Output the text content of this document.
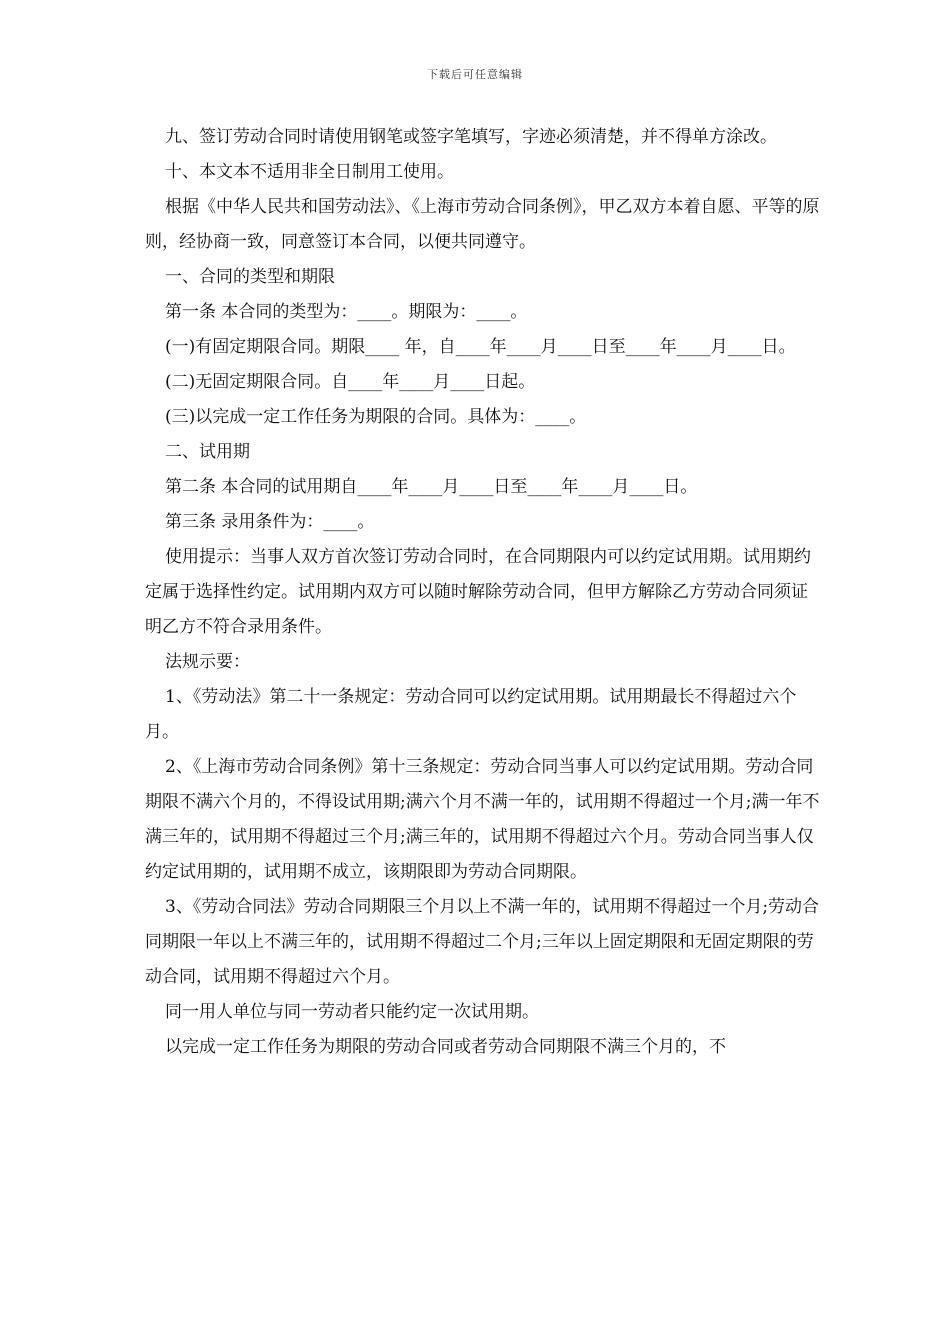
下载后可任意编辑

九、签订劳动合同时请使用钢笔或签字笔填写，字迹必须清楚，并不得单方涂改。

十、本文本不适用非全日制用工使用。

根据《中华人民共和国劳动法》、《上海市劳动合同条例》，甲乙双方本着自愿、平等的原则，经协商一致，同意签订本合同，以便共同遵守。

一、合同的类型和期限

第一条 本合同的类型为：____。期限为：____。

(一)有固定期限合同。期限____ 年，自____年____月____日至____年____月____日。

(二)无固定期限合同。自____年____月____日起。

(三)以完成一定工作任务为期限的合同。具体为：____。

二、试用期

第二条 本合同的试用期自____年____月____日至____年____月____日。

第三条 录用条件为：____。

使用提示：当事人双方首次签订劳动合同时，在合同期限内可以约定试用期。试用期约定属于选择性约定。试用期内双方可以随时解除劳动合同，但甲方解除乙方劳动合同须证明乙方不符合录用条件。

法规示要：

1、《劳动法》第二十一条规定：劳动合同可以约定试用期。试用期最长不得超过六个月。

2、《上海市劳动合同条例》第十三条规定：劳动合同当事人可以约定试用期。劳动合同期限不满六个月的，不得设试用期;满六个月不满一年的，试用期不得超过一个月;满一年不满三年的，试用期不得超过三个月;满三年的，试用期不得超过六个月。劳动合同当事人仅约定试用期的，试用期不成立，该期限即为劳动合同期限。

3、《劳动合同法》劳动合同期限三个月以上不满一年的，试用期不得超过一个月;劳动合同期限一年以上不满三年的，试用期不得超过二个月;三年以上固定期限和无固定期限的劳动合同，试用期不得超过六个月。

同一用人单位与同一劳动者只能约定一次试用期。

以完成一定工作任务为期限的劳动合同或者劳动合同期限不满三个月的，不
